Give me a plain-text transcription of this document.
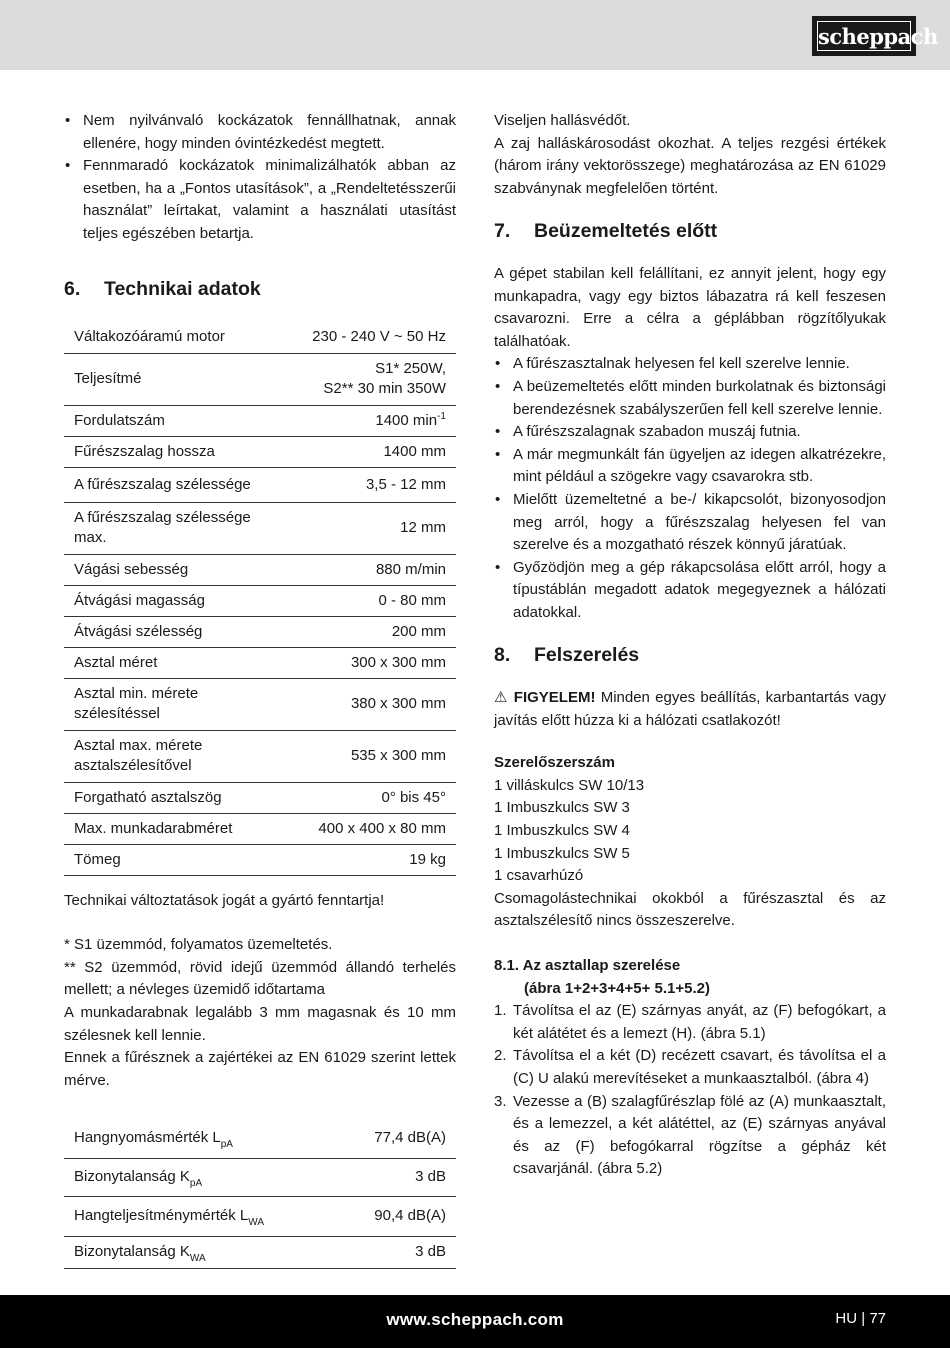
scheppach
• Nem nyilvánvaló kockázatok fennállhatnak, annak ellenére, hogy minden óvintézkedést megtett.
• Fennmaradó kockázatok minimalizálhatók abban az esetben, ha a „Fontos utasítások”, a „Rendeltetésszerűi használat” leírtakat, valamint a használati utasítást teljes egészében betartja.
6.	Technikai adatok
Váltakozóáramú motor	230 - 240 V ~ 50 Hz
Teljesítmé	S1* 250W,
S2** 30 min 350W

Fordulatszám	1400 $\min^{-1}$
Fűrészszalag hossza	1400 mm
A fűrészszalag szélessége	3,5 - 12 mm
A fűrészszalag szélessége max.	12 mm
Vágási sebesség	880 m/min
Átvágási magasság	0 - 80 mm
Átvágási szélesség	200 mm
Asztal méret	300 x 300 mm
Asztal min. mérete szélesítéssel	380 x 300 mm
Asztal max. mérete asztalszélesítővel	535 x 300 mm
Forgatható asztalszög	0° bis 45°
Max. munkadarabméret	400 x 400 x 80 mm
Tömeg	19 kg

Technikai változtatások jogát a gyártó fenntartja!

* S1 üzemmód, folyamatos üzemeltetés.

** S2 üzemmód, rövid idejű üzemmód állandó terhelés mellett; a névleges üzemidő időtartama

A munkadarabnak legalább 3 mm magasnak és 10 mm szélesnek kell lennie.

Ennek a fűrésznek a zajértékei az EN 61029 szerint lettek mérve.

Hangnyomásmérték $L_{pA}$	77,4 dB(A)
Bizonytalanság $K_{pA}$	3 dB
Hangteljesítménymérték $L_{WA}$	90,4 dB(A)
Bizonytalanság $K_{WA}$	3 dB

Viseljen hallásvédőt.

A zaj halláskárosodást okozhat. A teljes rezgési értékek (három irány vektorösszege) meghatározása az EN 61029 szabványnak megfelelően történt.

7.	Beüzemeltetés előtt

A gépet stabilan kell felállítani, ez annyit jelent, hogy egy munkapadra, vagy egy biztos lábazatra rá kell feszesen csavarozni. Erre a célra a géplábban rögzítőlyukak találhatóak.

• A fűrészasztalnak helyesen fel kell szerelve lennie.
• A beüzemeltetés előtt minden burkolatnak és biztonsági berendezésnek szabályszerűen fell kell szerelve lennie.
• A fűrészszalagnak szabadon muszáj futnia.
• A már megmunkált fán ügyeljen az idegen alkatrézekre, mint például a szögekre vagy csavarokra stb.
• Mielőtt üzemeltetné a be-/ kikapcsolót, bizonyosodjon meg arról, hogy a fűrészszalag helyesen fel van szerelve és a mozgatható részek könnyű járatúak.
• Győzödjön meg a gép rákapcsolása előtt arról, hogy a típustáblán megadott adatok megegyeznek a hálózati adatokkal.
8.	Felszerelés

⚠ FIGYELEM! Minden egyes beállítás, karbantartás vagy javítás előtt húzza ki a hálózati csatlakozót!

Szerelőszerszám

1 villáskulcs SW 10/13

1 Imbuszkulcs SW 3

1 Imbuszkulcs SW 4

1 Imbuszkulcs SW 5

1 csavarhúzó

Csomagolástechnikai okokból a fűrészasztal és az asztalszélesítő nincs összeszerelve.

8.1. Az asztallap szerelése

(ábra 1+2+3+4+5+ 5.1+5.2)

1. Távolítsa el az (E) szárnyas anyát, az (F) befogókart, a két alátétet és a lemezt (H). (ábra 5.1)
2. Távolítsa el a két (D) recézett csavart, és távolítsa el a (C) U alakú merevítéseket a munkaasztalból. (ábra 4)
3. Vezesse a (B) szalagfűrészlap fölé az (A) munkaasztalt, és a lemezzel, a két alátéttel, az (E) szárnyas anyával és az (F) befogókarral rögzítse a gépház két csavarjánál. (ábra 5.2)
www.scheppach.com	HU | 77
